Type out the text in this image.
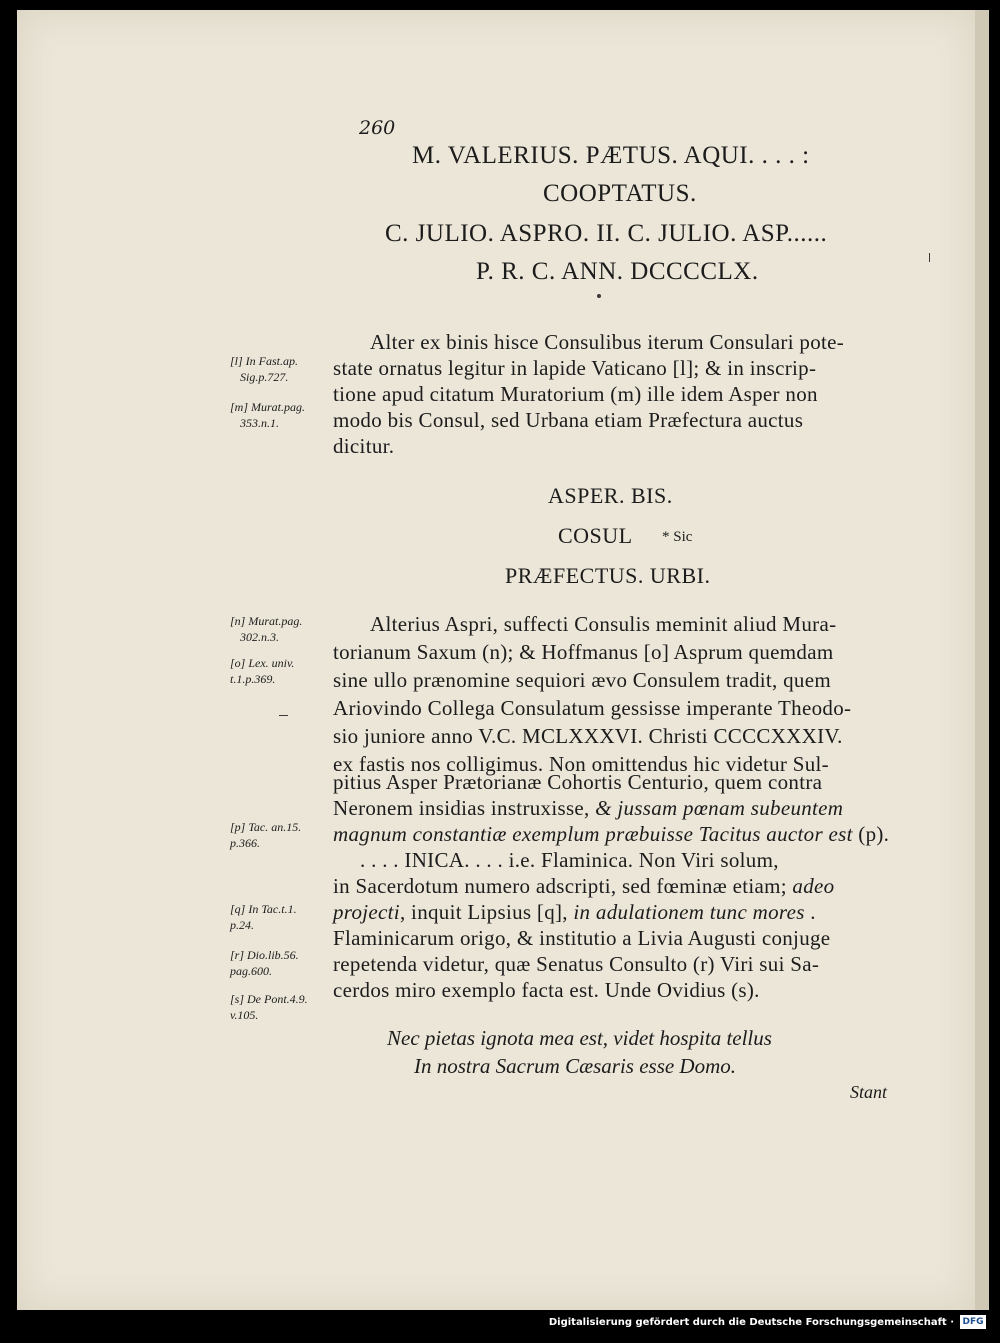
260
M. VALERIUS. PÆTUS. AQUI. . . . :
COOPTATUS.
C. JULIO. ASPRO. II. C. JULIO. ASP......
P. R. C. ANN. DCCCCLX.
Alter ex binis hisce Consulibus iterum Consulari pote-
state ornatus legitur in lapide Vaticano [l]; & in inscrip-
tione apud citatum Muratorium (m) ille idem Asper non
modo bis Consul, sed Urbana etiam Præfectura auctus
dicitur.
[l] In Fast.ap.
Sig.p.727.
[m] Murat.pag.
353.n.1.
ASPER. BIS.
COSUL * Sic
PRÆFECTUS. URBI.
Alterius Aspri, suffecti Consulis meminit aliud Mura-
torianum Saxum (n); & Hoffmanus [o] Asprum quemdam
sine ullo prænomine sequiori ævo Consulem tradit, quem
Ariovindo Collega Consulatum gessisse imperante Theodo-
sio juniore anno V.C. MCLXXXVI. Christi CCCCXXXIV.
ex fastis nos colligimus. Non omittendus hic videtur Sul-
pitius Asper Prætorianæ Cohortis Centurio, quem contra
Neronem insidias instruxisse, & jussam pœnam subeuntem
magnum constantiæ exemplum præbuisse Tacitus auctor est (p).
. . . . INICA. . . . i.e. Flaminica. Non Viri solum,
in Sacerdotum numero adscripti, sed fœminæ etiam; adeo
projecti, inquit Lipsius [q], in adulationem tunc mores .
Flaminicarum origo, & institutio a Livia Augusti conjuge
repetenda videtur, quæ Senatus Consulto (r) Viri sui Sa-
cerdos miro exemplo facta est. Unde Ovidius (s).
[n] Murat.pag.
302.n.3.
[o] Lex. univ.
t.1.p.369.
[p] Tac. an.15.
p.366.
[q] In Tac.t.1.
p.24.
[r] Dio.lib.56.
pag.600.
[s] De Pont.4.9.
v.105.
Nec pietas ignota mea est, videt hospita tellus
In nostra Sacrum Cæsaris esse Domo.
Stant
Digitalisierung gefördert durch die Deutsche Forschungsgemeinschaft · DFG
